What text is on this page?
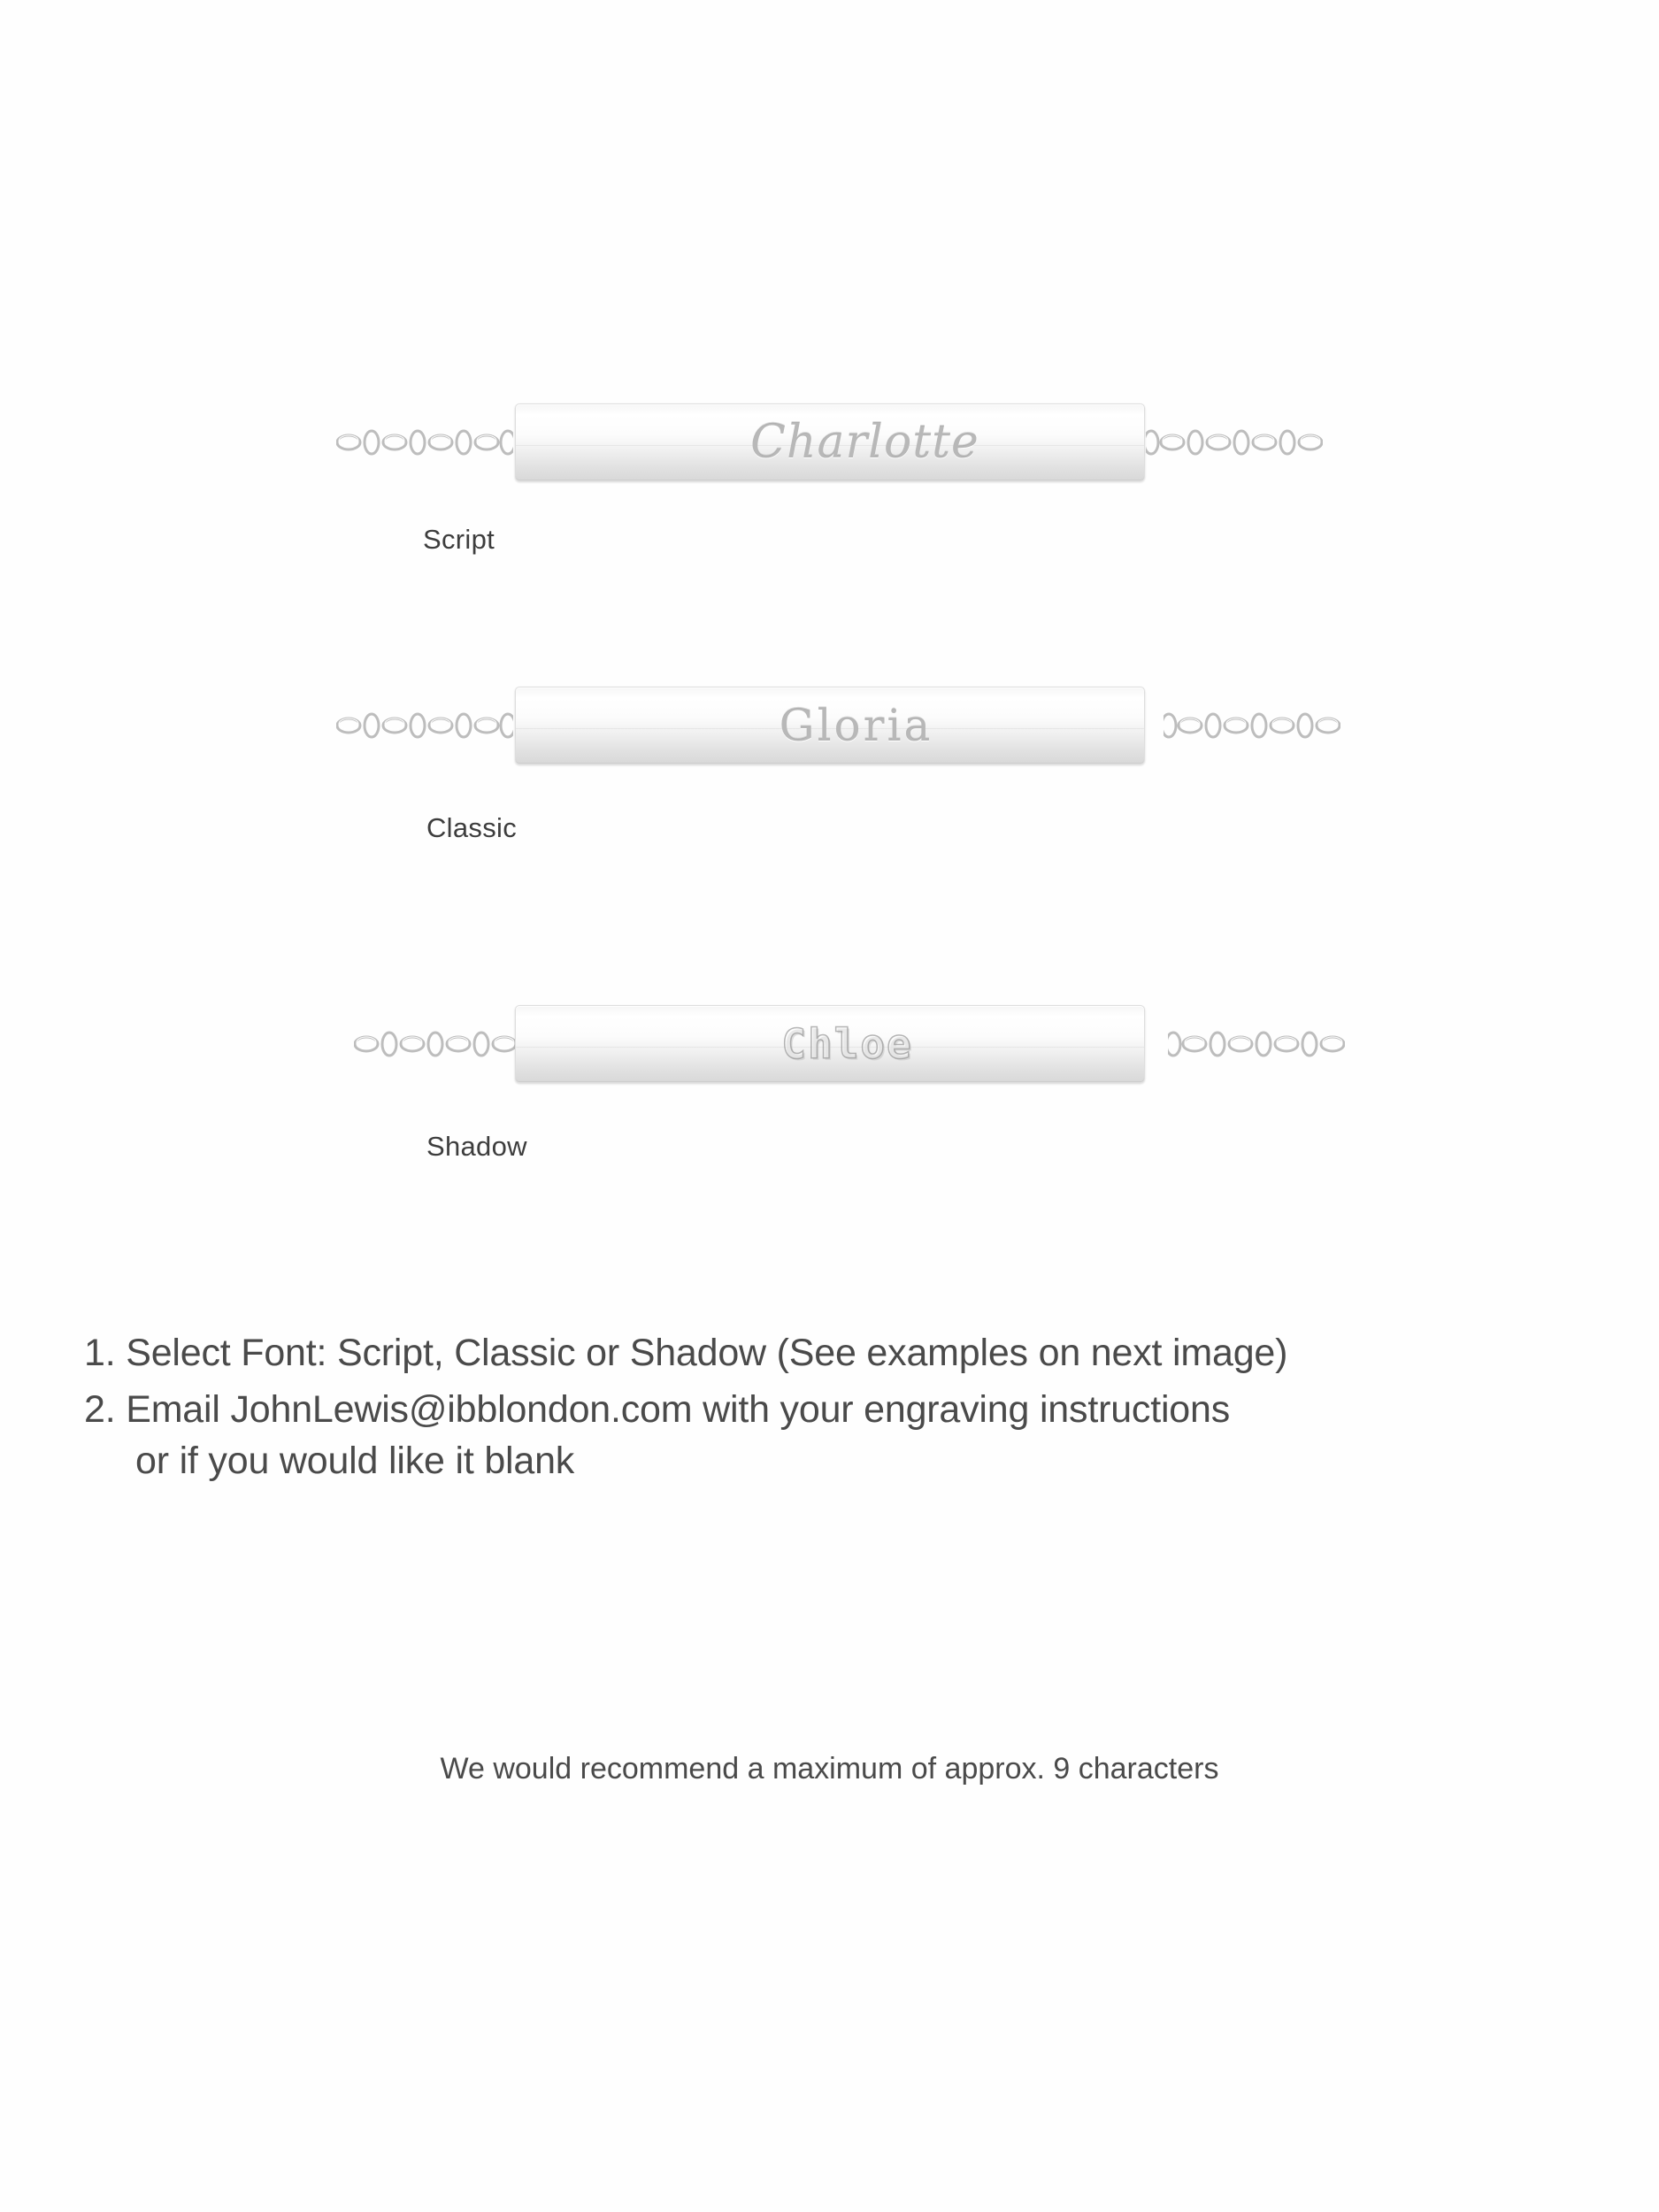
Charlotte
Script
Gloria
Classic
Chloe
Shadow
1. Select Font: Script, Classic or Shadow (See examples on next image)
2. Email JohnLewis@ibblondon.com with your engraving instructions
or if you would like it blank
We would recommend a maximum of approx. 9 characters
